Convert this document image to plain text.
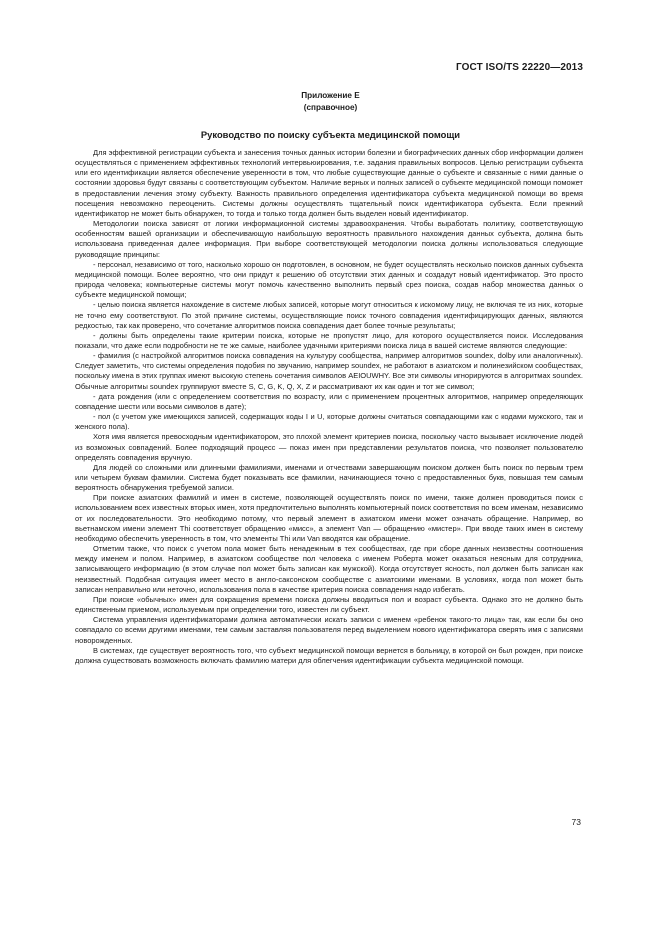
ГОСТ ISO/TS 22220—2013
Приложение Е
(справочное)
Руководство по поиску субъекта медицинской помощи

Для эффективной регистрации субъекта и занесения точных данных истории болезни и биографических данных сбор информации должен осуществляться с применением эффективных технологий интервьюирования, т.е. задания правильных вопросов. Целью регистрации субъекта или его идентификации является обеспечение уверенности в том, что любые существующие данные о субъекте и связанные с ними данные о состоянии здоровья будут связаны с соответствующим субъектом. Наличие верных и полных записей о субъекте медицинской помощи поможет в предоставлении лечения этому субъекту. Важность правильного определения идентификатора субъекта медицинской помощи во время посещения невозможно переоценить. Системы должны осуществлять тщательный поиск идентификатора субъекта. Если прежний идентификатор не может быть обнаружен, то тогда и только тогда должен быть выделен новый идентификатор.

Методологии поиска зависят от логики информационной системы здравоохранения. Чтобы выработать политику, соответствующую особенностям вашей организации и обеспечивающую наибольшую вероятность правильного нахождения данных субъекта, должна быть использована приведенная далее информация. При выборе соответствующей методологии поиска должны использоваться следующие руководящие принципы:

- персонал, независимо от того, насколько хорошо он подготовлен, в основном, не будет осуществлять несколько поисков данных субъекта медицинской помощи. Более вероятно, что они придут к решению об отсутствии этих данных и создадут новый идентификатор. Это просто природа человека; компьютерные системы могут помочь качественно выполнить первый срез поиска, создав набор множества данных о субъекте медицинской помощи;

- целью поиска является нахождение в системе любых записей, которые могут относиться к искомому лицу, не включая те из них, которые не точно ему соответствуют. По этой причине системы, осуществляющие поиск точного совпадения идентифицирующих данных, являются редкостью, так как проверено, что сочетание алгоритмов поиска совпадения дает более точные результаты;

- должны быть определены такие критерии поиска, которые не пропустят лицо, для которого осуществляется поиск. Исследования показали, что даже если подробности не те же самые, наиболее удачными критериями поиска лица в вашей системе являются следующие:

- фамилия (с настройкой алгоритмов поиска совпадения на культуру сообщества, например алгоритмов soundex, dolby или аналогичных). Следует заметить, что системы определения подобия по звучанию, например soundex, не работают в азиатском и полинезийском сообществах, поскольку имена в этих группах имеют высокую степень сочетания символов AEIOUWHY. Все эти символы игнорируются в алгоритмах soundex. Обычные алгоритмы soundex группируют вместе S, C, G, K, Q, X, Z и рассматривают их как один и тот же символ;

- дата рождения (или с определением соответствия по возрасту, или с применением процентных алгоритмов, например определяющих совпадение шести или восьми символов в дате);

- пол (с учетом уже имеющихся записей, содержащих коды I и U, которые должны считаться совпадающими как с кодами мужского, так и женского пола).

Хотя имя является превосходным идентификатором, это плохой элемент критериев поиска, поскольку часто вызывает исключение людей из возможных совпадений. Более подходящий процесс — показ имен при представлении результатов поиска, что позволяет пользователю определять совпадения вручную.

Для людей со сложными или длинными фамилиями, именами и отчествами завершающим поиском должен быть поиск по первым трем или четырем буквам фамилии. Система будет показывать все фамилии, начинающиеся точно с предоставленных букв, повышая тем самым вероятность обнаружения требуемой записи.

При поиске азиатских фамилий и имен в системе, позволяющей осуществлять поиск по имени, также должен проводиться поиск с использованием всех известных вторых имен, хотя предпочтительно выполнять компьютерный поиск соответствия по всем именам, независимо от их последовательности. Это необходимо потому, что первый элемент в азиатском имени может означать обращение. Например, во вьетнамском имени элемент Thi соответствует обращению «мисс», а элемент Van — обращению «мистер». При вводе таких имен в систему необходимо обеспечить уверенность в том, что элементы Thi или Van вводятся как обращение.

Отметим также, что поиск с учетом пола может быть ненадежным в тех сообществах, где при сборе данных неизвестны соотношения между именем и полом. Например, в азиатском сообществе пол человека с именем Роберта может оказаться неясным для сотрудника, записывающего информацию (в этом случае пол может быть записан как мужской). Когда отсутствует ясность, пол должен быть записан как неизвестный. Подобная ситуация имеет место в англо-саксонском сообществе с азиатскими именами. В условиях, когда пол может быть записан неправильно или неточно, использования пола в качестве критерия поиска совпадения надо избегать.

При поиске «обычных» имен для сокращения времени поиска должны вводиться пол и возраст субъекта. Однако это не должно быть единственным приемом, используемым при определении того, известен ли субъект.

Система управления идентификаторами должна автоматически искать записи с именем «ребенок такого-то лица» так, как если бы оно совпадало со всеми другими именами, тем самым заставляя пользователя перед выделением нового идентификатора сверять имя с записями новорожденных.

В системах, где существует вероятность того, что субъект медицинской помощи вернется в больницу, в которой он был рожден, при поиске должна существовать возможность включать фамилию матери для облегчения идентификации субъекта медицинской помощи.

73
